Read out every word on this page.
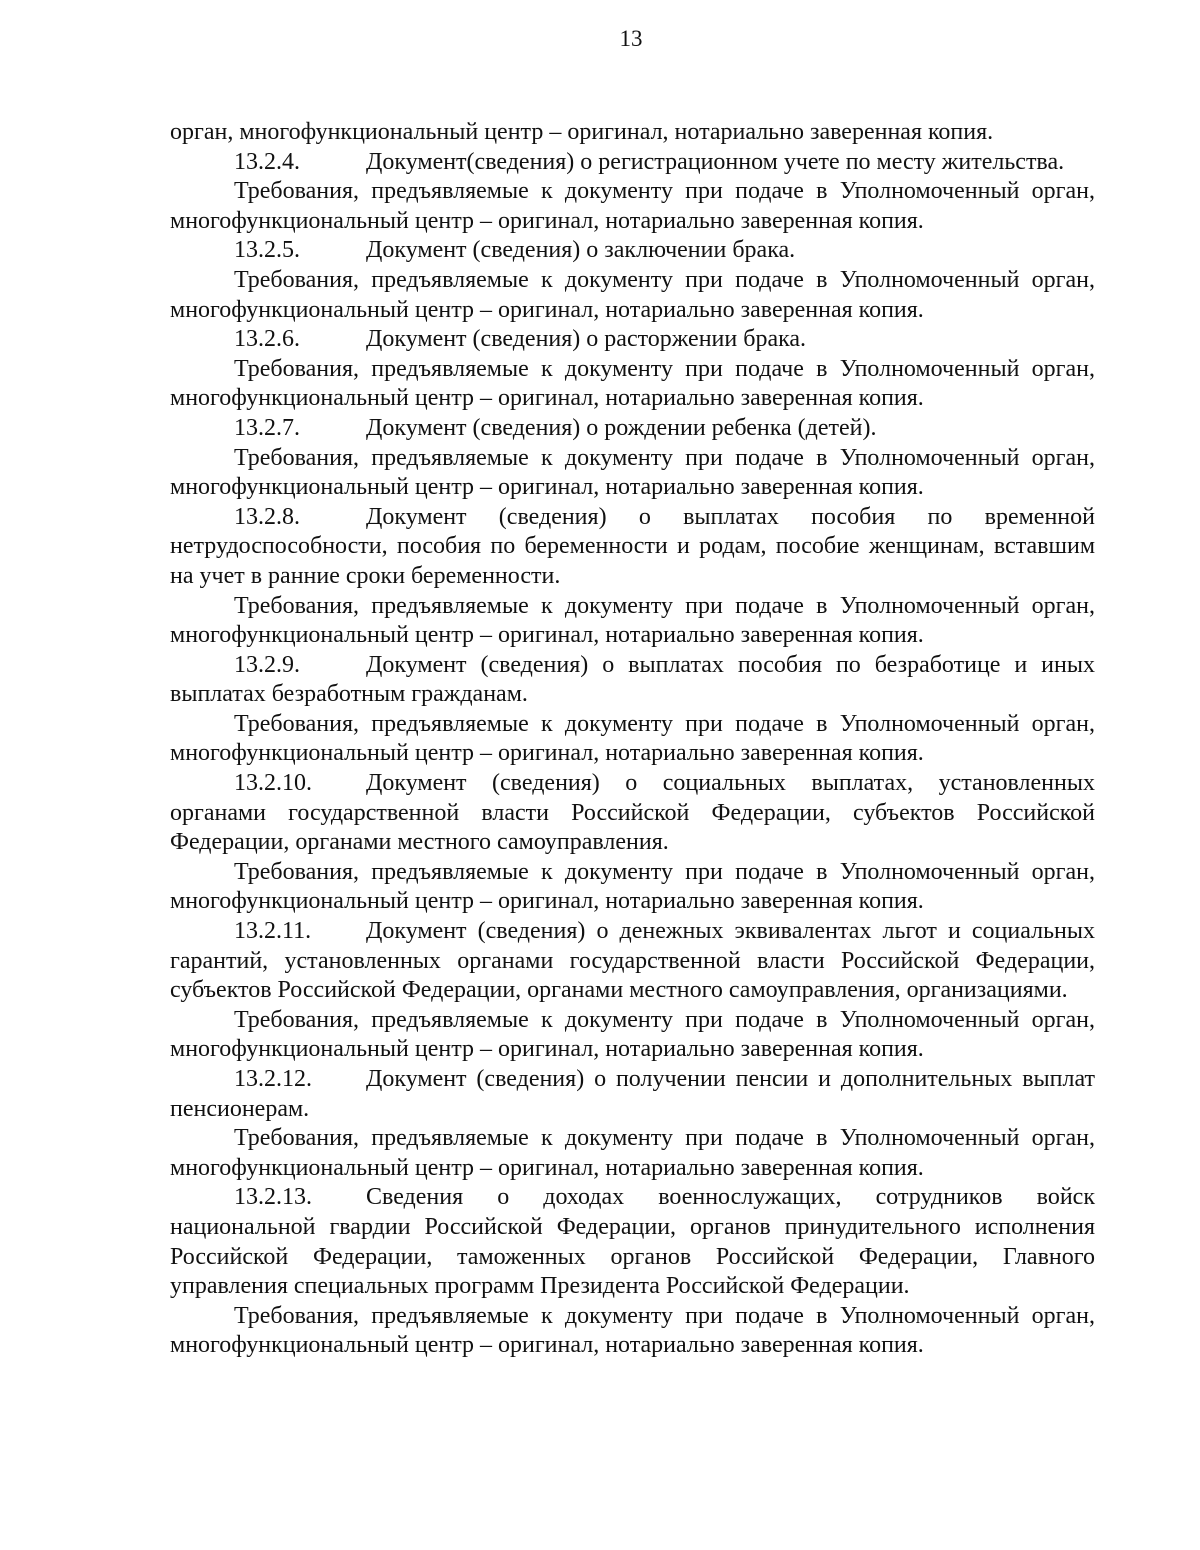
13

орган, многофункциональный центр – оригинал, нотариально заверенная копия.

13.2.4.	Документ(сведения) о регистрационном учете по месту жительства.

Требования, предъявляемые к документу при подаче в Уполномоченный орган, многофункциональный центр – оригинал, нотариально заверенная копия.

13.2.5.	Документ (сведения) о заключении брака.

Требования, предъявляемые к документу при подаче в Уполномоченный орган, многофункциональный центр – оригинал, нотариально заверенная копия.

13.2.6.	Документ (сведения) о расторжении брака.

Требования, предъявляемые к документу при подаче в Уполномоченный орган, многофункциональный центр – оригинал, нотариально заверенная копия.

13.2.7.	Документ (сведения) о рождении ребенка (детей).

Требования, предъявляемые к документу при подаче в Уполномоченный орган, многофункциональный центр – оригинал, нотариально заверенная копия.

13.2.8.	Документ (сведения) о выплатах пособия по временной нетрудоспособности, пособия по беременности и родам, пособие женщинам, вставшим на учет в ранние сроки беременности.

Требования, предъявляемые к документу при подаче в Уполномоченный орган, многофункциональный центр – оригинал, нотариально заверенная копия.

13.2.9.	Документ (сведения) о выплатах пособия по безработице и иных выплатах безработным гражданам.

Требования, предъявляемые к документу при подаче в Уполномоченный орган, многофункциональный центр – оригинал, нотариально заверенная копия.

13.2.10. Документ (сведения) о социальных выплатах, установленных органами государственной власти Российской Федерации, субъектов Российской Федерации, органами местного самоуправления.

Требования, предъявляемые к документу при подаче в Уполномоченный орган, многофункциональный центр – оригинал, нотариально заверенная копия.

13.2.11. Документ (сведения) о денежных эквивалентах льгот и социальных гарантий, установленных органами государственной власти Российской Федерации, субъектов Российской Федерации, органами местного самоуправления, организациями.

Требования, предъявляемые к документу при подаче в Уполномоченный орган, многофункциональный центр – оригинал, нотариально заверенная копия.

13.2.12. Документ (сведения) о получении пенсии и дополнительных выплат пенсионерам.

Требования, предъявляемые к документу при подаче в Уполномоченный орган, многофункциональный центр – оригинал, нотариально заверенная копия.

13.2.13. Сведения о доходах военнослужащих, сотрудников войск национальной гвардии Российской Федерации, органов принудительного исполнения Российской Федерации, таможенных органов Российской Федерации, Главного управления специальных программ Президента Российской Федерации.

Требования, предъявляемые к документу при подаче в Уполномоченный орган, многофункциональный центр – оригинал, нотариально заверенная копия.
